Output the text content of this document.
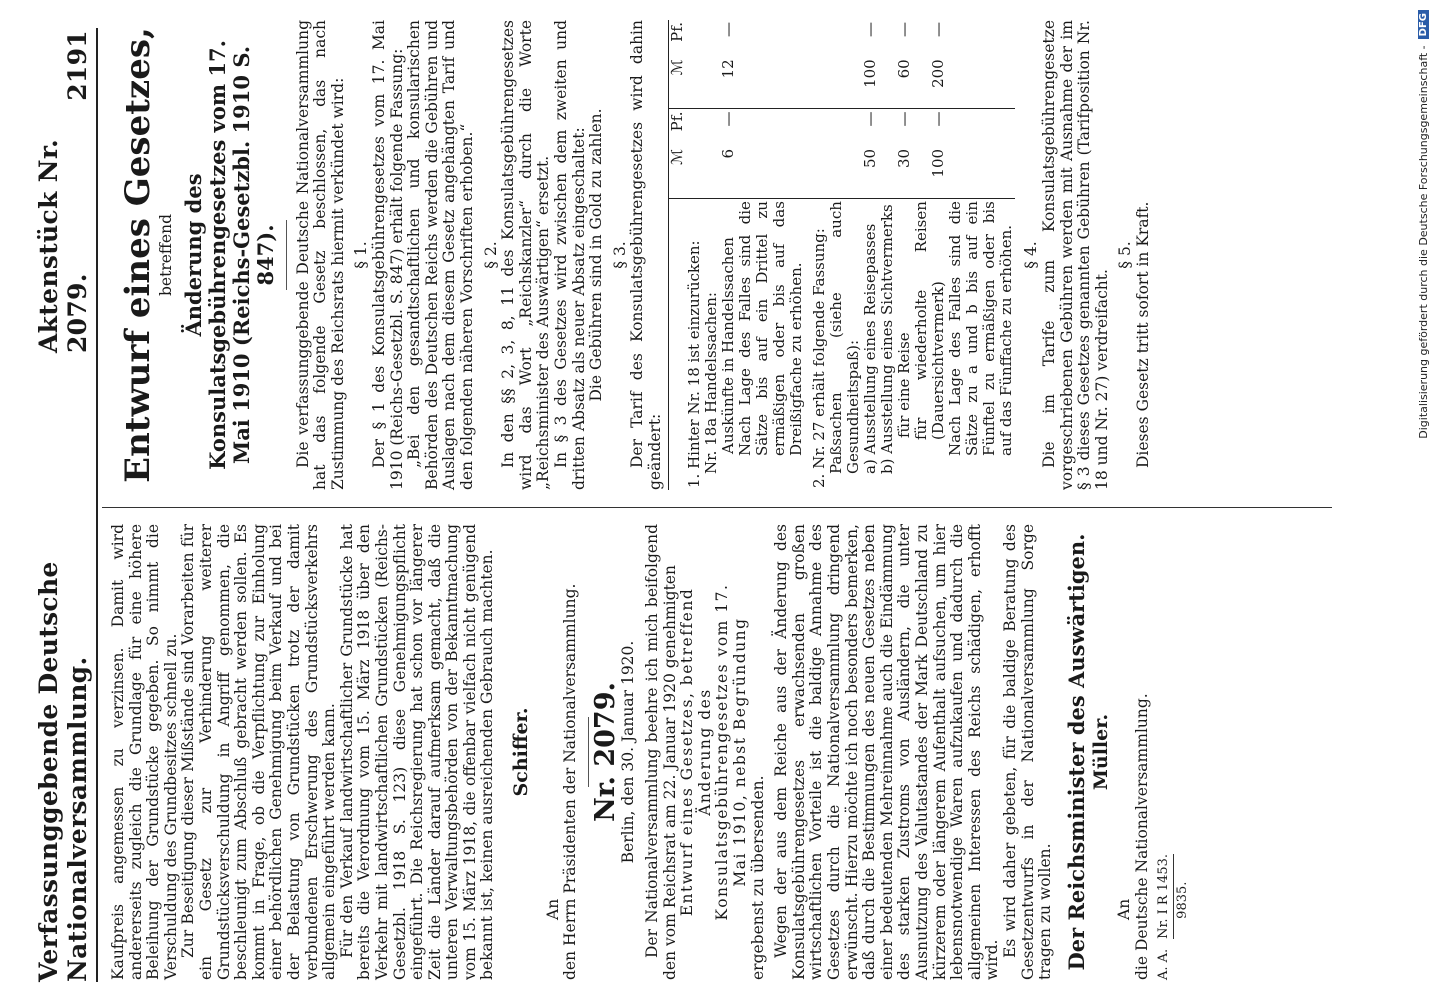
Verfassunggebende Deutsche Nationalversammlung.
Aktenstück Nr. 2079.
2191

Kaufpreis angemessen zu verzinsen. Damit wird andererseits zugleich die Grundlage für eine höhere Beleihung der Grundstücke gegeben. So nimmt die Verschuldung des Grundbesitzes schnell zu. Zur Beseitigung dieser Mißstände sind Vorarbeiten für ein Gesetz zur Verhinderung weiterer Grundstücksverschuldung in Angriff genommen, die beschleunigt zum Abschluß gebracht werden sollen. Es kommt in Frage, ob die Verpflichtung zur Einholung einer behördlichen Genehmigung beim Verkauf und bei der Belastung von Grundstücken trotz der damit verbundenen Erschwerung des Grundstücksverkehrs allgemein eingeführt werden kann. Für den Verkauf landwirtschaftlicher Grundstücke hat bereits die Verordnung vom 15. März 1918 über den Verkehr mit landwirtschaftlichen Grundstücken (Reichs-Gesetzbl. 1918 S. 123) diese Genehmigungspflicht eingeführt. Die Reichsregierung hat schon vor längerer Zeit die Länder darauf aufmerksam gemacht, daß die unteren Verwaltungsbehörden von der Bekanntmachung vom 15. März 1918, die offenbar vielfach nicht genügend bekannt ist, keinen ausreichenden Gebrauch machten. Schiffer.

An den Herrn Präsidenten der Nationalversammlung. Nr. 2079.

Berlin, den 30. Januar 1920. Der Nationalversammlung beehre ich mich beifolgend den vom Reichsrat am 22. Januar 1920 genehmigten Entwurf eines Gesetzes, betreffend Änderung des Konsulatsgebührengesetzes vom 17. Mai 1910, nebst Begründung ergebenst zu übersenden. Wegen der aus dem Reiche aus der Änderung des Konsulatsgebührengesetzes erwachsenden großen wirtschaftlichen Vorteile ist die baldige Annahme des Gesetzes durch die Nationalversammlung dringend erwünscht. Hierzu möchte ich noch besonders bemerken, daß durch die Bestimmungen des neuen Gesetzes neben einer bedeutenden Mehreinnahme auch die Eindämmung des starken Zustroms von Ausländern, die unter Ausnutzung des Valutastandes der Mark Deutschland zu kürzerem oder längerem Aufenthalt aufsuchen, um hier lebensnotwendige Waren aufzukaufen und dadurch die allgemeinen Interessen des Reichs schädigen, erhofft wird.

Es wird daher gebeten, für die baldige Beratung des Gesetzentwurfs in der Nationalversammlung Sorge tragen zu wollen. Der Reichsminister des Auswärtigen. Müller.

An die Deutsche Nationalversammlung. A. A.
Nr. I R 1453. 9835.

Entwurf eines Gesetzes, betreffend Änderung des Konsulatsgebührengesetzes vom 17. Mai 1910 (Reichs-Gesetzbl. 1910 S. 847). Die verfassunggebende Deutsche Nationalversammlung hat das folgende Gesetz beschlossen, das nach Zustimmung des Reichsrats hiermit verkündet wird: § 1. Der § 1 des Konsulatsgebührengesetzes vom 17. Mai 1910 (Reichs-Gesetzbl. S. 847) erhält folgende Fassung: „Bei den gesandtschaftlichen und konsularischen Behörden des Deutschen Reichs werden die Gebühren und Auslagen nach dem diesem Gesetz angehängten Tarif und den folgenden näheren Vorschriften erhoben.“ § 2. In den §§ 2, 3, 8, 11 des Konsulatsgebührengesetzes wird das Wort „Reichskanzler“ durch die Worte „Reichsminister des Auswärtigen“ ersetzt. In § 3 des Gesetzes wird zwischen dem zweiten und dritten Absatz als neuer Absatz eingeschaltet: Die Gebühren sind in Gold zu zahlen. § 3. Der Tarif des Konsulatsgebührengesetzes wird dahin geändert:

	ℳ	Pf.	ℳ	Pf.

1. Hinter Nr. 18 ist einzurücken: Nr. 18a Handelssachen: Auskünfte in Handelssachen	6	—	12	—
Nach Lage des Falles sind die Sätze bis auf ein Drittel zu ermäßigen oder bis auf das Dreißigfache zu erhöhen.				

2. Nr. 27 erhält folgende Fassung: Paßsachen (siehe auch Gesundheitspaß): a) Ausstellung eines Reisepasses	50	—	100	—

b) Ausstellung eines Sichtvermerks für eine Reise	30	—	60	—
für wiederholte Reisen (Dauersichtvermerk)	100	—	200	—
Nach Lage des Falles sind die Sätze zu a und b bis auf ein Fünftel zu ermäßigen oder bis auf das Fünffache zu erhöhen.				§ 4. Die im Tarife zum Konsulatsgebührengesetze vorgeschriebenen Gebühren werden mit Ausnahme der im § 3 dieses Gesetzes genannten Gebühren (Tarifposition Nr. 18 und Nr. 27) verdreifacht.

§ 5. Dieses Gesetz tritt sofort in Kraft.	Digitalisierung gefördert durch die Deutsche Forschungsgemeinschaft -
DFG
